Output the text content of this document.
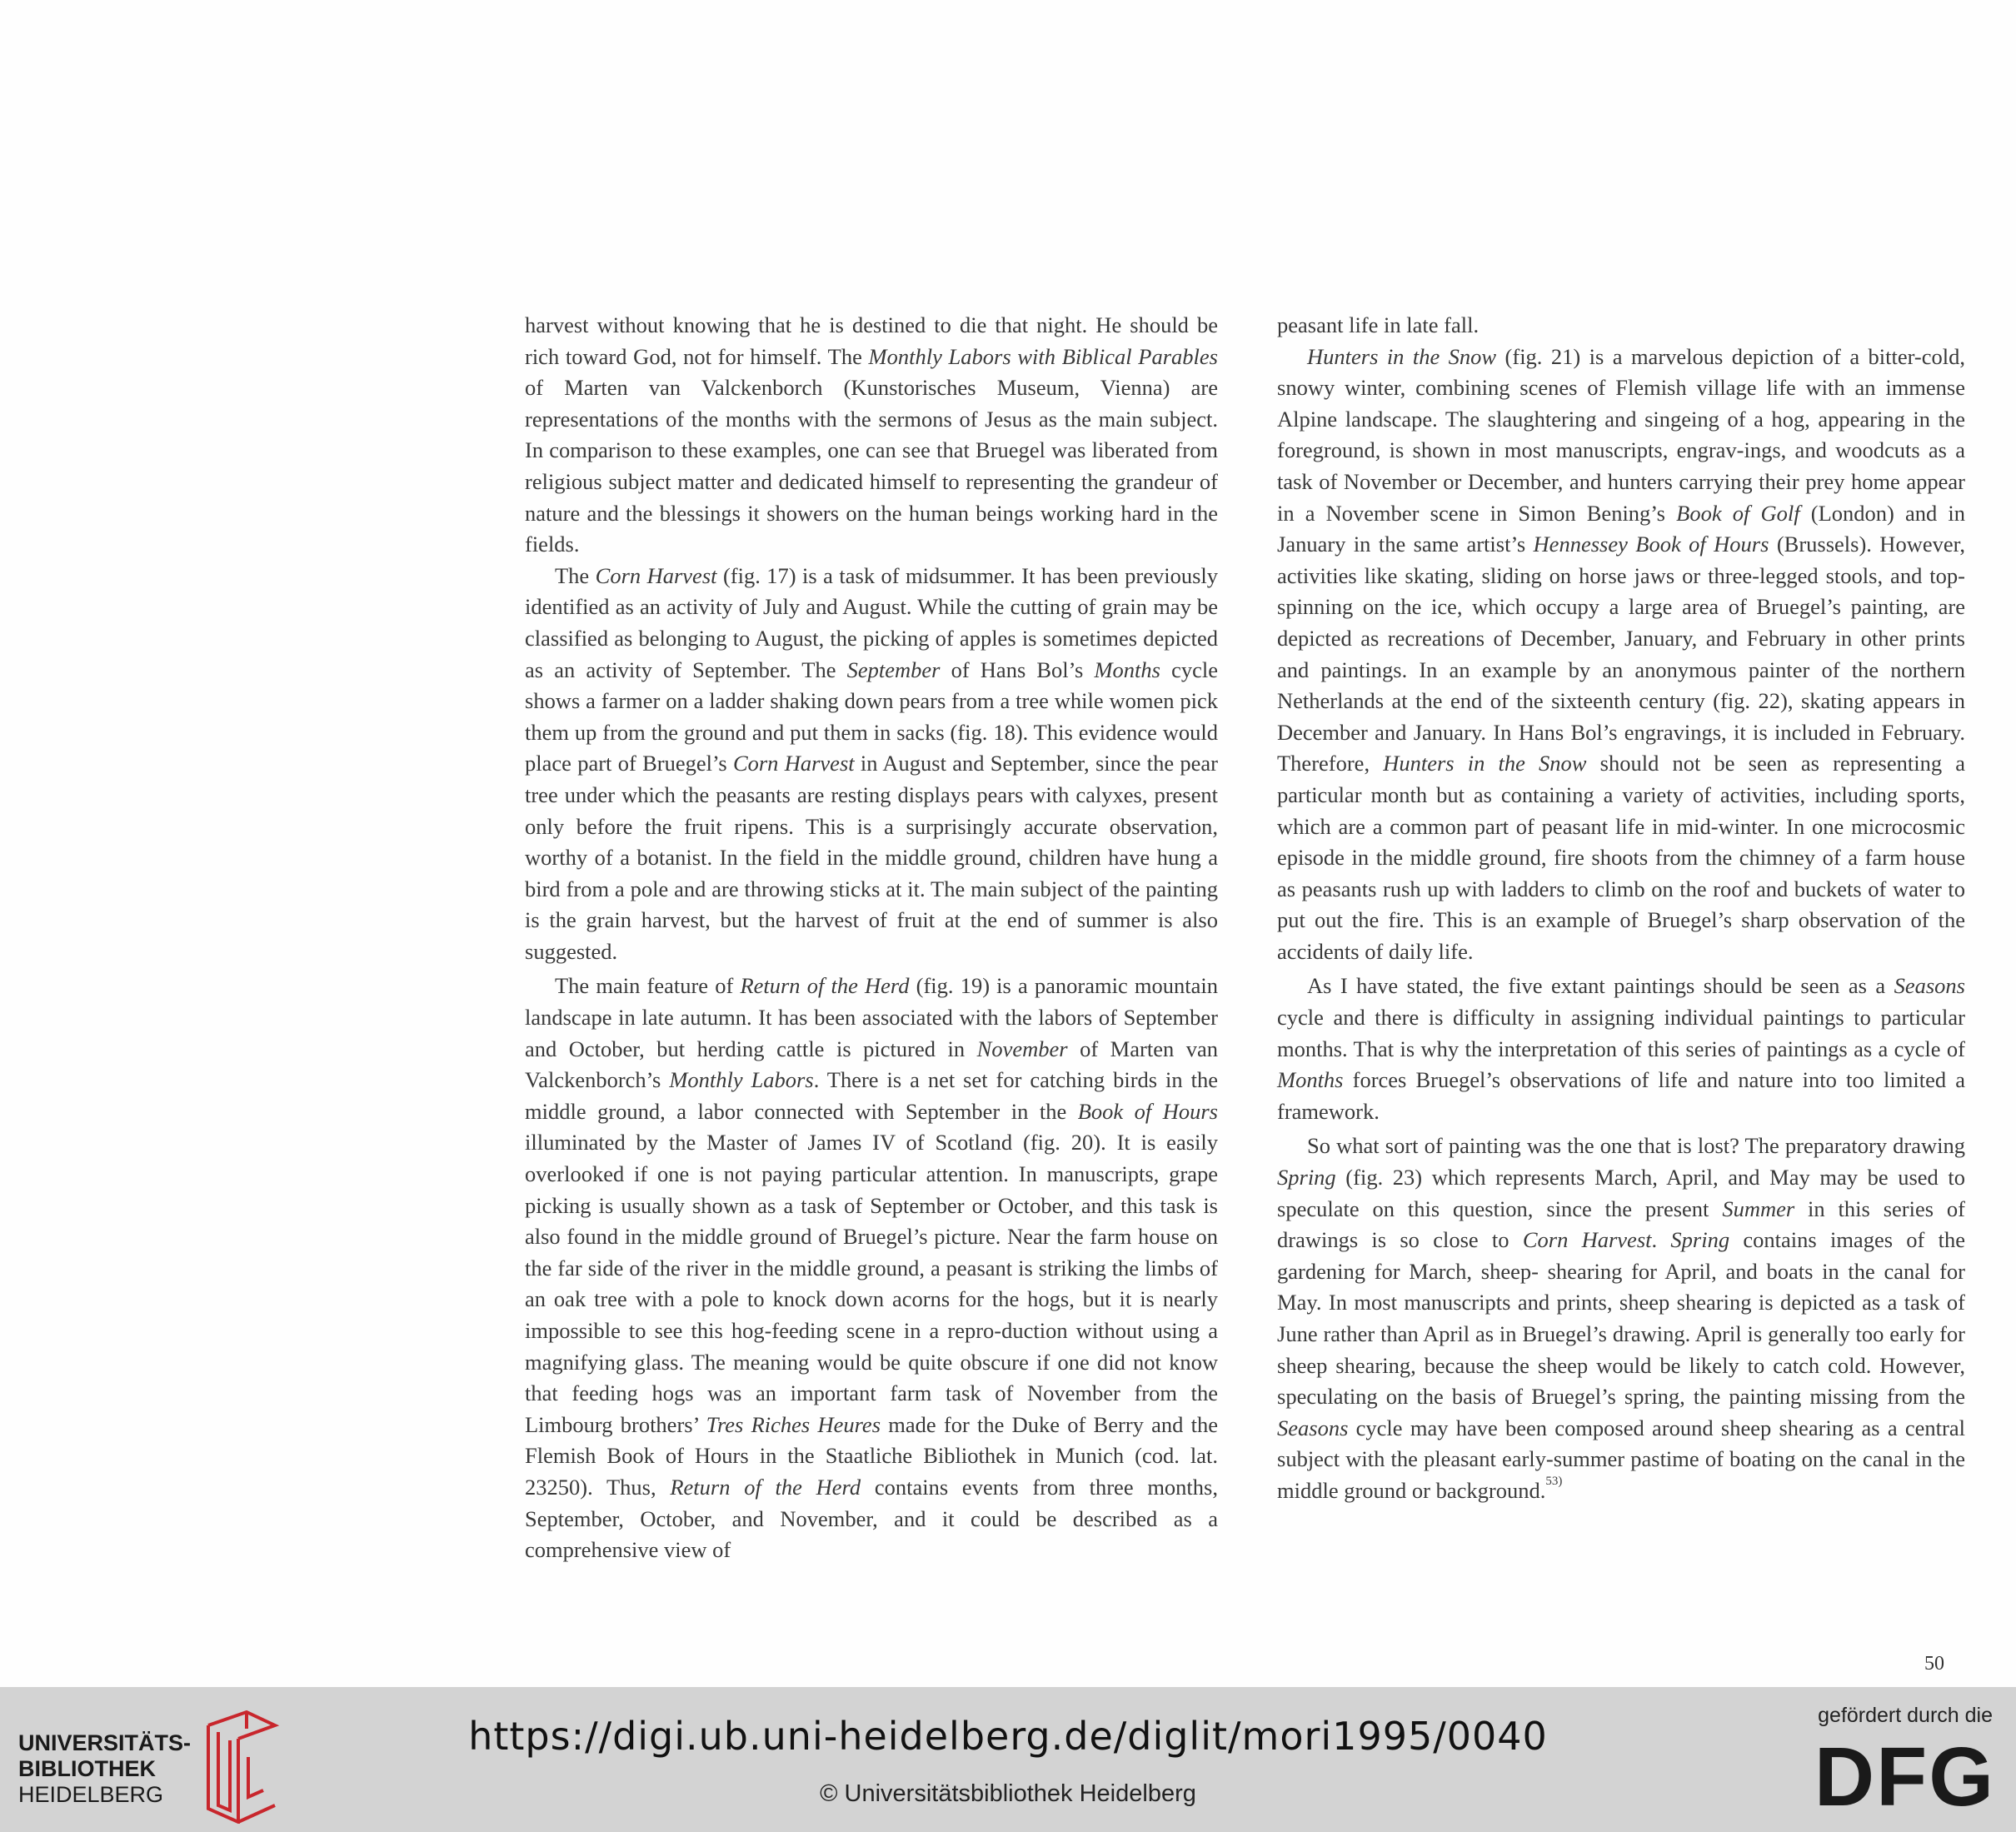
harvest without knowing that he is destined to die that night. He should be rich toward God, not for himself. The Monthly Labors with Biblical Parables of Marten van Valckenborch (Kunstorisches Museum, Vienna) are representations of the months with the sermons of Jesus as the main subject. In comparison to these examples, one can see that Bruegel was liberated from religious subject matter and dedicated himself to representing the grandeur of nature and the blessings it showers on the human beings working hard in the fields.

The Corn Harvest (fig. 17) is a task of midsummer. It has been previously identified as an activity of July and August. While the cutting of grain may be classified as belonging to August, the picking of apples is sometimes depicted as an activity of September. The September of Hans Bol’s Months cycle shows a farmer on a ladder shaking down pears from a tree while women pick them up from the ground and put them in sacks (fig. 18). This evidence would place part of Bruegel’s Corn Harvest in August and September, since the pear tree under which the peasants are resting displays pears with calyxes, present only before the fruit ripens. This is a surprisingly accurate observation, worthy of a botanist. In the field in the middle ground, children have hung a bird from a pole and are throwing sticks at it. The main subject of the painting is the grain harvest, but the harvest of fruit at the end of summer is also suggested.

The main feature of Return of the Herd (fig. 19) is a panoramic mountain landscape in late autumn. It has been associated with the labors of September and October, but herding cattle is pictured in November of Marten van Valckenborch’s Monthly Labors. There is a net set for catching birds in the middle ground, a labor connected with September in the Book of Hours illuminated by the Master of James IV of Scotland (fig. 20). It is easily overlooked if one is not paying particular attention. In manuscripts, grape picking is usually shown as a task of September or October, and this task is also found in the middle ground of Bruegel’s picture. Near the farm house on the far side of the river in the middle ground, a peasant is striking the limbs of an oak tree with a pole to knock down acorns for the hogs, but it is nearly impossible to see this hog-feeding scene in a repro-duction without using a magnifying glass. The meaning would be quite obscure if one did not know that feeding hogs was an important farm task of November from the Limbourg brothers’ Tres Riches Heures made for the Duke of Berry and the Flemish Book of Hours in the Staatliche Bibliothek in Munich (cod. lat. 23250). Thus, Return of the Herd contains events from three months, September, October, and November, and it could be described as a comprehensive view of

peasant life in late fall.

Hunters in the Snow (fig. 21) is a marvelous depiction of a bitter-cold, snowy winter, combining scenes of Flemish village life with an immense Alpine landscape. The slaughtering and singeing of a hog, appearing in the foreground, is shown in most manuscripts, engrav-ings, and woodcuts as a task of November or December, and hunters carrying their prey home appear in a November scene in Simon Bening’s Book of Golf (London) and in January in the same artist’s Hennessey Book of Hours (Brussels). However, activities like skating, sliding on horse jaws or three-legged stools, and top-spinning on the ice, which occupy a large area of Bruegel’s painting, are depicted as recreations of December, January, and February in other prints and paintings. In an example by an anonymous painter of the northern Netherlands at the end of the sixteenth century (fig. 22), skating appears in December and January. In Hans Bol’s engravings, it is included in February. Therefore, Hunters in the Snow should not be seen as representing a particular month but as containing a variety of activities, including sports, which are a common part of peasant life in mid-winter. In one microcosmic episode in the middle ground, fire shoots from the chimney of a farm house as peasants rush up with ladders to climb on the roof and buckets of water to put out the fire. This is an example of Bruegel’s sharp observation of the accidents of daily life.

As I have stated, the five extant paintings should be seen as a Seasons cycle and there is difficulty in assigning individual paintings to particular months. That is why the interpretation of this series of paintings as a cycle of Months forces Bruegel’s observations of life and nature into too limited a framework.

So what sort of painting was the one that is lost? The preparatory drawing Spring (fig. 23) which represents March, April, and May may be used to speculate on this question, since the present Summer in this series of drawings is so close to Corn Harvest. Spring contains images of the gardening for March, sheep- shearing for April, and boats in the canal for May. In most manuscripts and prints, sheep shearing is depicted as a task of June rather than April as in Bruegel’s drawing. April is generally too early for sheep shearing, because the sheep would be likely to catch cold. However, speculating on the basis of Bruegel’s spring, the painting missing from the Seasons cycle may have been composed around sheep shearing as a central subject with the pleasant early-summer pastime of boating on the canal in the middle ground or background.$^{53)}$

50
UNIVERSITÄTS-
BIBLIOTHEK
HEIDELBERG
https://digi.ub.uni-heidelberg.de/diglit/mori1995/0040
© Universitätsbibliothek Heidelberg
gefördert durch die
DFG
